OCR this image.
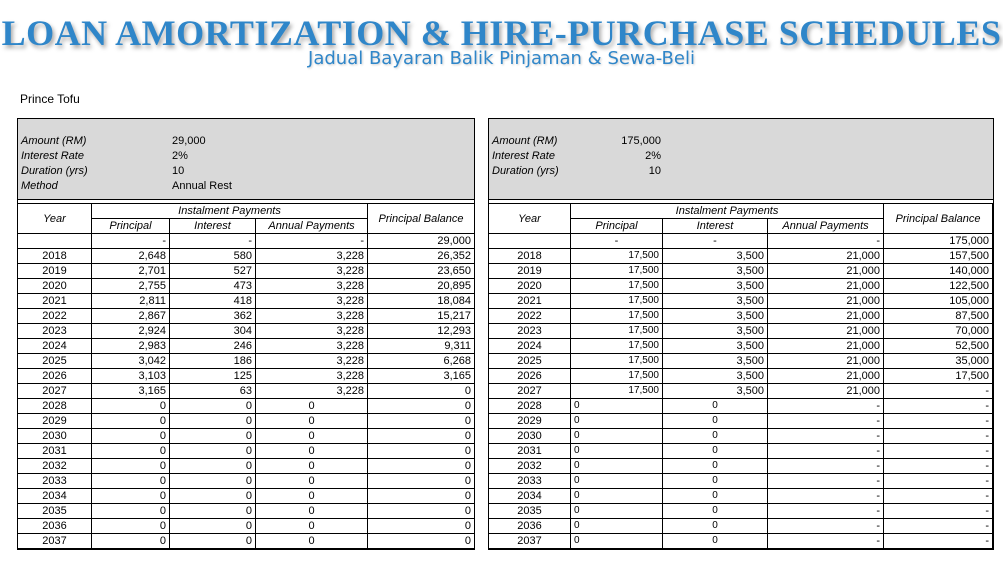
LOAN AMORTIZATION & HIRE-PURCHASE SCHEDULES
Jadual Bayaran Balik Pinjaman & Sewa-Beli
Prince Tofu
Amount (RM)	29,000
Interest Rate	2%
Duration (yrs)	10
Method	Annual Rest
Year	Instalment Payments			Principal Balance
	Principal	Interest	Annual Payments	
	-	-	-	29,000
2018	2,648	580	3,228	26,352
2019	2,701	527	3,228	23,650
2020	2,755	473	3,228	20,895
2021	2,811	418	3,228	18,084
2022	2,867	362	3,228	15,217
2023	2,924	304	3,228	12,293
2024	2,983	246	3,228	9,311
2025	3,042	186	3,228	6,268
2026	3,103	125	3,228	3,165
2027	3,165	63	3,228	0
2028	0	0	0	0
2029	0	0	0	0
2030	0	0	0	0
2031	0	0	0	0
2032	0	0	0	0
2033	0	0	0	0
2034	0	0	0	0
2035	0	0	0	0
2036	0	0	0	0
2037	0	0	0	0
Amount (RM)	175,000
Interest Rate	2%
Duration (yrs)	10
Year	Instalment Payments			Principal Balance
	Principal	Interest	Annual Payments	
	-	-	-	175,000
2018	17,500	3,500	21,000	157,500
2019	17,500	3,500	21,000	140,000
2020	17,500	3,500	21,000	122,500
2021	17,500	3,500	21,000	105,000
2022	17,500	3,500	21,000	87,500
2023	17,500	3,500	21,000	70,000
2024	17,500	3,500	21,000	52,500
2025	17,500	3,500	21,000	35,000
2026	17,500	3,500	21,000	17,500
2027	17,500	3,500	21,000	-
2028	0	0	-	-
2029	0	0	-	-
2030	0	0	-	-
2031	0	0	-	-
2032	0	0	-	-
2033	0	0	-	-
2034	0	0	-	-
2035	0	0	-	-
2036	0	0	-	-
2037	0	0	-	-
